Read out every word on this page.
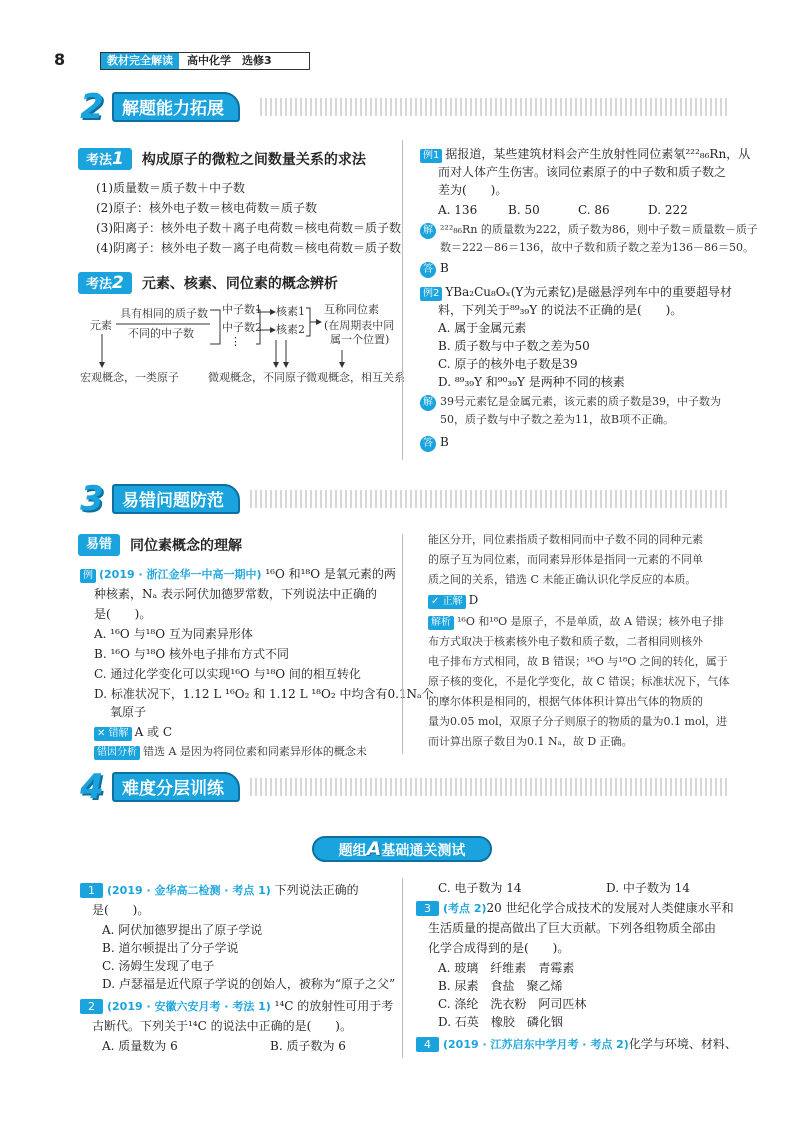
8	教材完全解读	高中化学　选修3
2	解题能力拓展
考法1	构成原子的微粒之间数量关系的求法
(1)质量数＝质子数＋中子数
(2)原子：核外电子数＝核电荷数＝质子数
(3)阳离子：核外电子数＋离子电荷数＝核电荷数＝质子数
(4)阴离子：核外电子数－离子电荷数＝核电荷数＝质子数
考法2	元素、核素、同位素的概念辨析
元素
具有相同的质子数
不同的中子数
中子数1
中子数2
⋮
核素1
核素2
互称同位素
(在周期表中同
属一个位置)
宏观概念，一类原子	微观概念，不同原子 微观概念，相互关系
例1 据报道，某些建筑材料会产生放射性同位素氡²²²₈₆Rn，从
而对人体产生伤害。该同位素原子的中子数和质子数之
差为(　　)。
A. 136	B. 50	C. 86	D. 222
解 ²²²₈₆Rn 的质量数为222，质子数为86，则中子数＝质量数－质子
数＝222－86＝136，故中子数和质子数之差为136－86＝50。
答 B
例2 YBa₂Cu₈Oₓ(Y为元素钇)是磁悬浮列车中的重要超导材
料，下列关于⁸⁹₃₉Y 的说法不正确的是(　　)。
A. 属于金属元素
B. 质子数与中子数之差为50
C. 原子的核外电子数是39
D. ⁸⁹₃₉Y 和⁹⁰₃₉Y 是两种不同的核素
解 39号元素钇是金属元素，该元素的质子数是39，中子数为
50，质子数与中子数之差为11，故B项不正确。
答 B
3	易错问题防范
易错	同位素概念的理解
例 (2019 · 浙江金华一中高一期中) ¹⁶O 和¹⁸O 是氧元素的两
种核素，Nₐ 表示阿伏加德罗常数，下列说法中正确的
是(　　)。
A. ¹⁶O 与¹⁸O 互为同素异形体
B. ¹⁶O 与¹⁸O 核外电子排布方式不同
C. 通过化学变化可以实现¹⁶O 与¹⁸O 间的相互转化
D. 标准状况下，1.12 L ¹⁶O₂ 和 1.12 L ¹⁸O₂ 中均含有0.1Nₐ个
氧原子
✕ 错解 A 或 C
错因分析 错选 A 是因为将同位素和同素异形体的概念未
能区分开，同位素指质子数相同而中子数不同的同种元素
的原子互为同位素，而同素异形体是指同一元素的不同单
质之间的关系，错选 C 未能正确认识化学反应的本质。
✓ 正解 D
解析 ¹⁶O 和¹⁸O 是原子，不是单质，故 A 错误；核外电子排
布方式取决于核素核外电子数和质子数，二者相同则核外
电子排布方式相同，故 B 错误；¹⁶O 与¹⁸O 之间的转化，属于
原子核的变化，不是化学变化，故 C 错误；标准状况下，气体
的摩尔体积是相同的，根据气体体积计算出气体的物质的
量为0.05 mol，双原子分子则原子的物质的量为0.1 mol，进
而计算出原子数目为0.1 Nₐ，故 D 正确。
4	难度分层训练
题组A基础通关测试
1 (2019 · 金华高二检测 · 考点 1) 下列说法正确的
是(　　)。
A. 阿伏加德罗提出了原子学说
B. 道尔顿提出了分子学说
C. 汤姆生发现了电子
D. 卢瑟福是近代原子学说的创始人，被称为“原子之父”
2 (2019 · 安徽六安月考 · 考法 1) ¹⁴C 的放射性可用于考
古断代。下列关于¹⁴C 的说法中正确的是(　　)。
A. 质量数为 6	B. 质子数为 6
C. 电子数为 14	D. 中子数为 14
3 (考点 2)20 世纪化学合成技术的发展对人类健康水平和
生活质量的提高做出了巨大贡献。下列各组物质全部由
化学合成得到的是(　　)。
A. 玻璃　纤维素　青霉素
B. 尿素　食盐　聚乙烯
C. 涤纶　洗衣粉　阿司匹林
D. 石英　橡胶　磷化铟
4 (2019 · 江苏启东中学月考 · 考点 2)化学与环境、材料、
